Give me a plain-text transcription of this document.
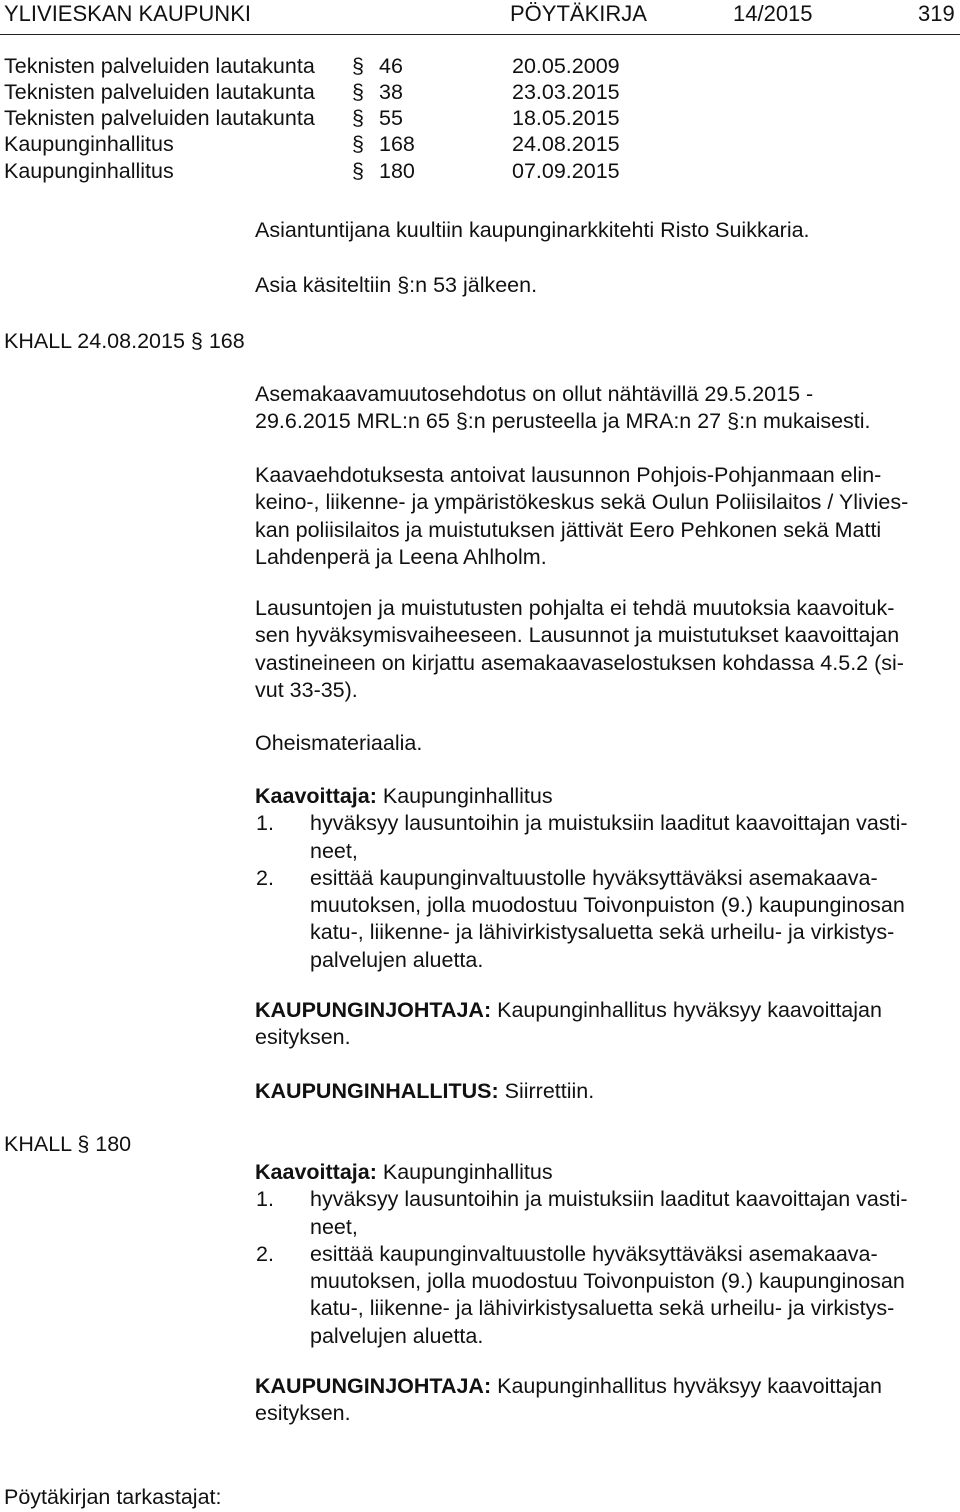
YLIVIESKAN KAUPUNKI	PÖYTÄKIRJA	14/2015	319
Teknisten palveluiden lautakunta § 46	20.05.2009
Teknisten palveluiden lautakunta § 38	23.03.2015
Teknisten palveluiden lautakunta § 55	18.05.2015
Kaupunginhallitus	§ 168	24.08.2015
Kaupunginhallitus	§ 180	07.09.2015
KHALL 24.08.2015 § 168
KHALL § 180

Asiantuntijana kuultiin kaupunginarkkitehti Risto Suikkaria.

Asia käsiteltiin §:n 53 jälkeen.

Asemakaavamuutosehdotus on ollut nähtävillä 29.5.2015 -

29.6.2015 MRL:n 65 §:n perusteella ja MRA:n 27 §:n mukaisesti.

Kaavaehdotuksesta antoivat lausunnon Pohjois-Pohjanmaan elin-
keino-, liikenne- ja ympäristökeskus sekä Oulun Poliisilaitos / Ylivies-
kan poliisilaitos ja muistutuksen jättivät Eero Pehkonen sekä Matti
Lahdenperä ja Leena Ahlholm.
Lausuntojen ja muistutusten pohjalta ei tehdä muutoksia kaavoituk-
sen hyväksymisvaiheeseen. Lausunnot ja muistutukset kaavoittajan
vastineineen on kirjattu asemakaavaselostuksen kohdassa 4.5.2 (si-
vut 33-35).
Oheismateriaalia.
Kaavoittaja: Kaupunginhallitus
1. hyväksyy lausuntoihin ja muistuksiin laaditut kaavoittajan vasti-
neet,
2. esittää kaupunginvaltuustolle hyväksyttäväksi asemakaava-
muutoksen, jolla muodostuu Toivonpuiston (9.) kaupunginosan
katu-, liikenne- ja lähivirkistysaluetta sekä urheilu- ja virkistys-
palvelujen aluetta.
KAUPUNGINJOHTAJA: Kaupunginhallitus hyväksyy kaavoittajan
esityksen.
KAUPUNGINHALLITUS: Siirrettiin.
Kaavoittaja: Kaupunginhallitus
1. hyväksyy lausuntoihin ja muistuksiin laaditut kaavoittajan vasti-
neet,
2. esittää kaupunginvaltuustolle hyväksyttäväksi asemakaava-
muutoksen, jolla muodostuu Toivonpuiston (9.) kaupunginosan
katu-, liikenne- ja lähivirkistysaluetta sekä urheilu- ja virkistys-
palvelujen aluetta.
KAUPUNGINJOHTAJA: Kaupunginhallitus hyväksyy kaavoittajan
esityksen.
Pöytäkirjan tarkastajat:
